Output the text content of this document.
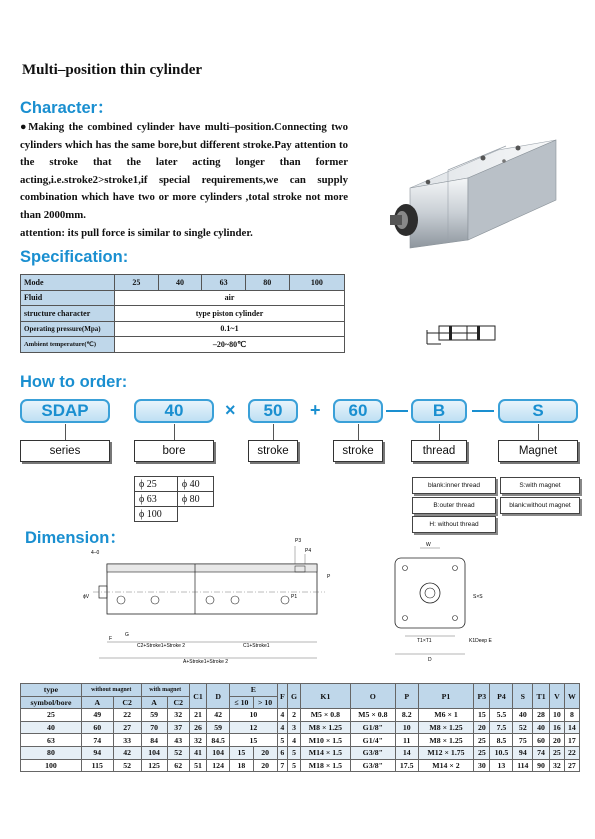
Multi–position thin cylinder
Character：

●Making the combined cylinder have multi–position.Connecting two cylinders which has the same bore,but different stroke.Pay attention to the stroke that the later acting longer than former acting,i.e.stroke2>stroke1,if special requirements,we can supply combination which have two or more cylinders ,total stroke not more than 2000mm.

attention: its pull force is similar to single cylinder.

Specification:
Mode	25	40	63	80	100
Fluid	air				
structure character	type piston cylinder				
Operating pressure(Mpa)	0.1~1				
Ambient temperature(℃)	–20~80℃				
How to order:
SDAP	40	×	50	+	60	B	S
series	bore	stroke	stroke	thread	Magnet
ϕ 25	ϕ 40
ϕ 63	ϕ 80
ϕ 100	
blank:inner thread
B:outer thread
H: without thread
S:with magnet
blank:without magnet
Dimension：	P3
P4
P
P1
4–0
ϕV
F
G
C2+Stroke1+Stroke 2	C1+Stroke1
A+Stroke1+Stroke 2
W
S×S
T1×T1	K1Deep E
D
type	without magnet		with magnet		C1	D	E		F	G	K1	O	P	P1	P3	P4	S	T1	V	W
symbol/bore	A	C2	A	C2			≤ 10	> 10												
25	49	22	59	32	21	42	10		4	2	M5 × 0.8	M5 × 0.8	8.2	M6 × 1	15	5.5	40	28	10	8
40	60	27	70	37	26	59	12		4	3	M8 × 1.25	G1/8"	10	M8 × 1.25	20	7.5	52	40	16	14
63	74	33	84	43	32	84.5	15		5	4	M10 × 1.5	G1/4"	11	M8 × 1.25	25	8.5	75	60	20	17
80	94	42	104	52	41	104	15	20	6	5	M14 × 1.5	G3/8"	14	M12 × 1.75	25	10.5	94	74	25	22
100	115	52	125	62	51	124	18	20	7	5	M18 × 1.5	G3/8"	17.5	M14 × 2	30	13	114	90	32	27
